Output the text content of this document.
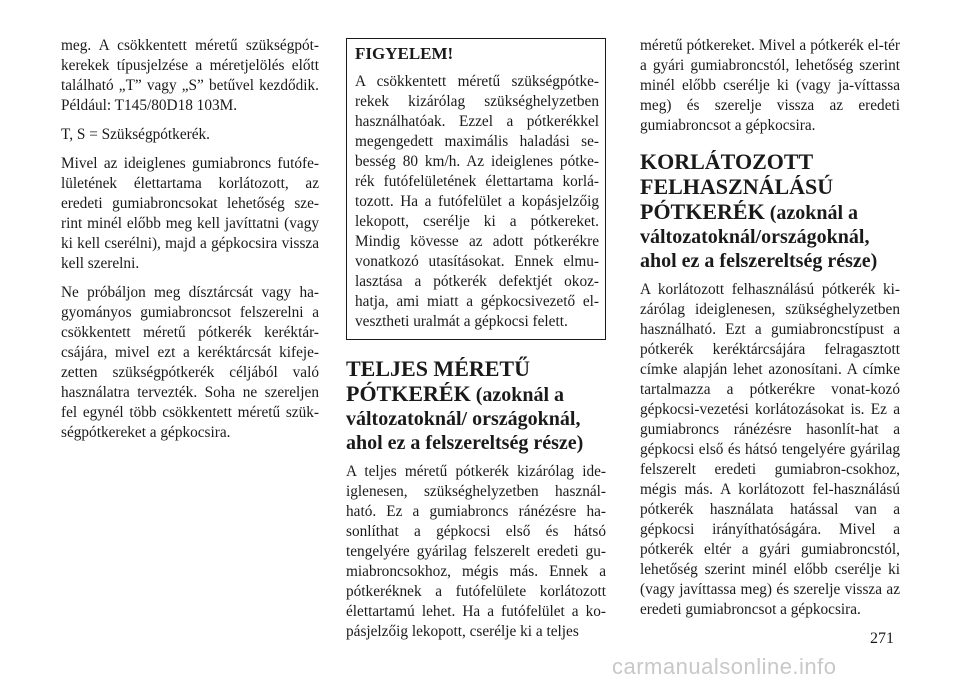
meg. A csökkentett méretű szükségpót-kerekek típusjelzése a méretjelölés előtt található „T” vagy „S” betűvel kezdődik. Például: T145/80D18 103M.

T, S = Szükségpótkerék.

Mivel az ideiglenes gumiabroncs futófe-lületének élettartama korlátozott, az eredeti gumiabroncsokat lehetőség sze-rint minél előbb meg kell javíttatni (vagy ki kell cserélni), majd a gépkocsira vissza kell szerelni.

Ne próbáljon meg dísztárcsát vagy ha-gyományos gumiabroncsot felszerelni a csökkentett méretű pótkerék keréktár-csájára, mivel ezt a keréktárcsát kifeje-zetten szükségpótkerék céljából való használatra tervezték. Soha ne szereljen fel egynél több csökkentett méretű szük-ségpótkereket a gépkocsira.

FIGYELEM!

A csökkentett méretű szükségpótke-rekek kizárólag szükséghelyzetben használhatóak. Ezzel a pótkerékkel megengedett maximális haladási se-besség 80 km/h. Az ideiglenes pótke-rék futófelületének élettartama korlá-tozott. Ha a futófelület a kopásjelzőig lekopott, cserélje ki a pótkereket. Mindig kövesse az adott pótkerékre vonatkozó utasításokat. Ennek elmu-lasztása a pótkerék defektjét okoz-hatja, ami miatt a gépkocsivezető el-vesztheti uralmát a gépkocsi felett.

TELJES MÉRETŰ PÓTKERÉK (azoknál a változatoknál/ országoknál, ahol ez a felszereltség része)

A teljes méretű pótkerék kizárólag ide-iglenesen, szükséghelyzetben használ-ható. Ez a gumiabroncs ránézésre ha-sonlíthat a gépkocsi első és hátsó tengelyére gyárilag felszerelt eredeti gu-miabroncsokhoz, mégis más. Ennek a pótkeréknek a futófelülete korlátozott élettartamú lehet. Ha a futófelület a ko-pásjelzőig lekopott, cserélje ki a teljes

méretű pótkereket. Mivel a pótkerék el-tér a gyári gumiabroncstól, lehetőség szerint minél előbb cserélje ki (vagy ja-víttassa meg) és szerelje vissza az eredeti gumiabroncsot a gépkocsira.

KORLÁTOZOTT FELHASZNÁLÁSÚ PÓTKERÉK (azoknál a változatoknál/országoknál, ahol ez a felszereltség része)

A korlátozott felhasználású pótkerék ki-zárólag ideiglenesen, szükséghelyzetben használható. Ezt a gumiabroncstípust a pótkerék keréktárcsájára felragasztott címke alapján lehet azonosítani. A címke tartalmazza a pótkerékre vonat-kozó gépkocsi-vezetési korlátozásokat is. Ez a gumiabroncs ránézésre hasonlít-hat a gépkocsi első és hátsó tengelyére gyárilag felszerelt eredeti gumiabron-csokhoz, mégis más. A korlátozott fel-használású pótkerék használata hatással van a gépkocsi irányíthatóságára. Mivel a pótkerék eltér a gyári gumiabroncstól, lehetőség szerint minél előbb cserélje ki (vagy javíttassa meg) és szerelje vissza az eredeti gumiabroncsot a gépkocsira.

271
carmanualsonline.info
